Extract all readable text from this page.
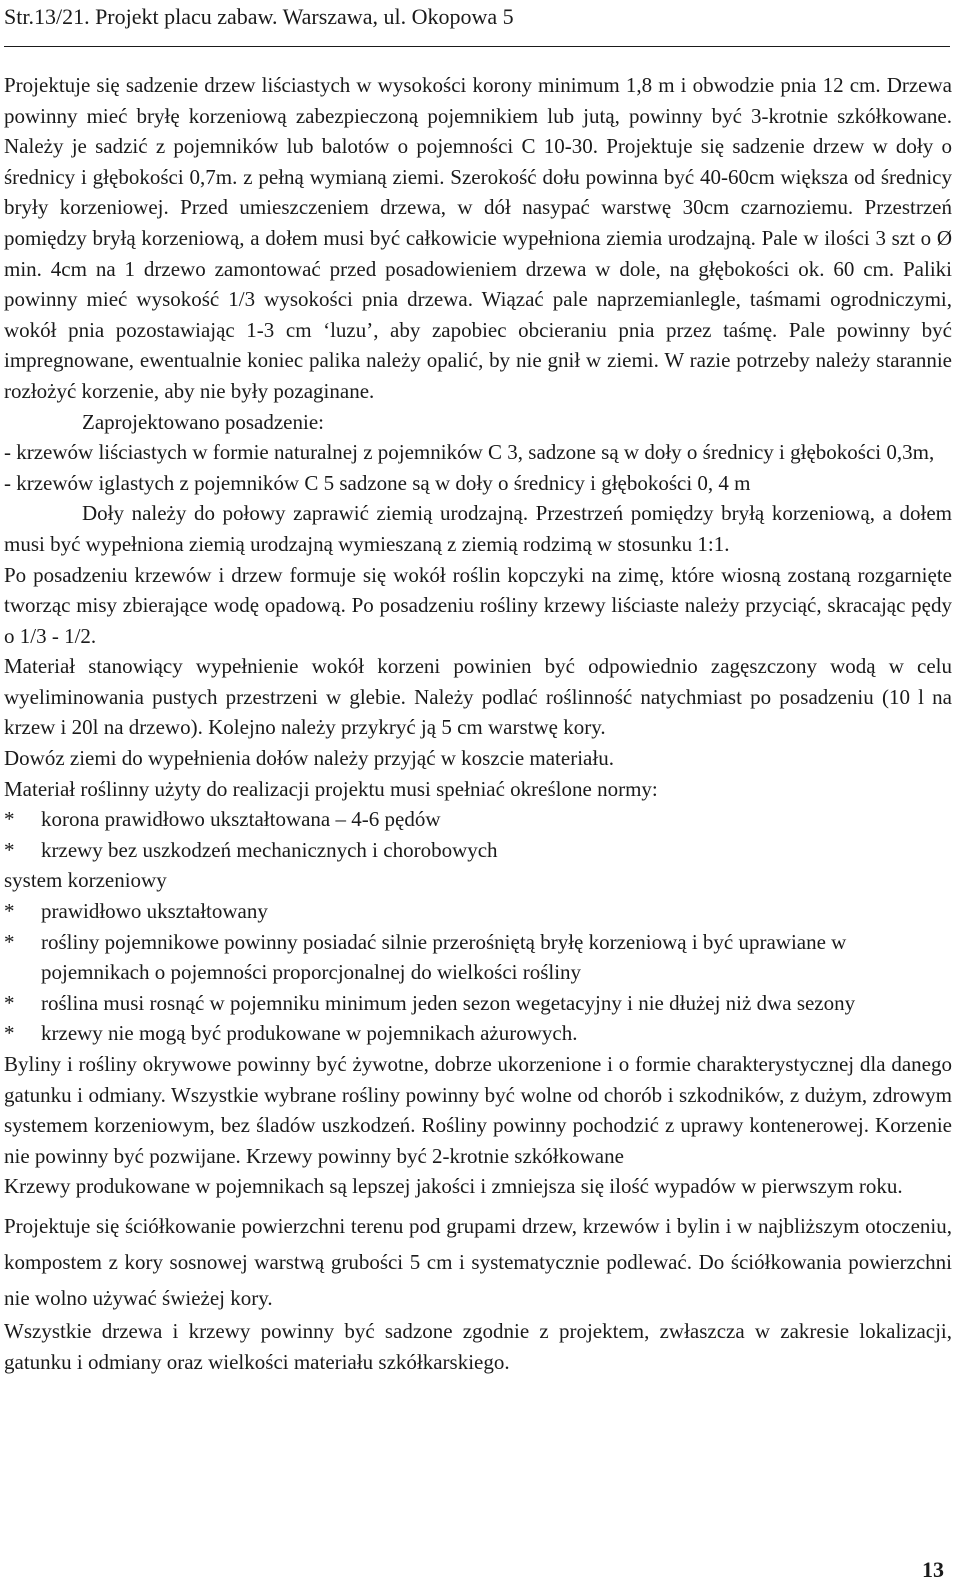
Str.13/21. Projekt placu zabaw. Warszawa, ul. Okopowa 5

Projektuje się sadzenie drzew liściastych w wysokości korony minimum 1,8 m i obwodzie pnia 12 cm. Drzewa powinny mieć bryłę korzeniową zabezpieczoną pojemnikiem lub jutą, powinny być 3-krotnie szkółkowane. Należy je sadzić z pojemników lub balotów o pojemności C 10-30. Projektuje się sadzenie drzew w doły o średnicy i głębokości 0,7m. z pełną wymianą ziemi. Szerokość dołu powinna być 40-60cm większa od średnicy bryły korzeniowej. Przed umieszczeniem drzewa, w dół nasypać warstwę 30cm czarnoziemu. Przestrzeń pomiędzy bryłą korzeniową, a dołem musi być całkowicie wypełniona ziemia urodzajną. Pale w ilości 3 szt o Ø min. 4cm na 1 drzewo zamontować przed posadowieniem drzewa w dole, na głębokości ok. 60 cm. Paliki powinny mieć wysokość 1/3 wysokości pnia drzewa. Wiązać pale naprzemianlegle, taśmami ogrodniczymi, wokół pnia pozostawiając 1-3 cm ‘luzu’, aby zapobiec obcieraniu pnia przez taśmę. Pale powinny być impregnowane, ewentualnie koniec palika należy opalić, by nie gnił w ziemi. W razie potrzeby należy starannie rozłożyć korzenie, aby nie były pozaginane.

Zaprojektowano posadzenie:

- krzewów liściastych w formie naturalnej z pojemników C 3, sadzone są w doły o średnicy i głębokości 0,3m,

- krzewów iglastych z pojemników C 5 sadzone są w doły o średnicy i głębokości 0, 4 m

Doły należy do połowy zaprawić ziemią urodzajną. Przestrzeń pomiędzy bryłą korzeniową, a dołem musi być wypełniona ziemią urodzajną wymieszaną z ziemią rodzimą w stosunku 1:1.

Po posadzeniu krzewów i drzew formuje się wokół roślin kopczyki na zimę, które wiosną zostaną rozgarnięte tworząc misy zbierające wodę opadową. Po posadzeniu rośliny krzewy liściaste należy przyciąć, skracając pędy o 1/3 - 1/2.

Materiał stanowiący wypełnienie wokół korzeni powinien być odpowiednio zagęszczony wodą w celu wyeliminowania pustych przestrzeni w glebie. Należy podlać roślinność natychmiast po posadzeniu (10 l na krzew i 20l na drzewo). Kolejno należy przykryć ją 5 cm warstwę kory.

Dowóz ziemi do wypełnienia dołów należy przyjąć w koszcie materiału.

Materiał roślinny użyty do realizacji projektu musi spełniać określone normy:

* korona prawidłowo ukształtowana – 4-6 pędów
* krzewy bez uszkodzeń mechanicznych i chorobowych

system korzeniowy

* prawidłowo ukształtowany
* rośliny pojemnikowe powinny posiadać silnie przerośniętą bryłę korzeniową i być uprawiane w pojemnikach o pojemności proporcjonalnej do wielkości rośliny
* roślina musi rosnąć w pojemniku minimum jeden sezon wegetacyjny i nie dłużej niż dwa sezony
* krzewy nie mogą być produkowane w pojemnikach ażurowych.

Byliny i rośliny okrywowe powinny być żywotne, dobrze ukorzenione i o formie charakterystycznej dla danego gatunku i odmiany. Wszystkie wybrane rośliny powinny być wolne od chorób i szkodników, z dużym, zdrowym systemem korzeniowym, bez śladów uszkodzeń. Rośliny powinny pochodzić z uprawy kontenerowej. Korzenie nie powinny być pozwijane. Krzewy powinny być 2-krotnie szkółkowane

Krzewy produkowane w pojemnikach są lepszej jakości i zmniejsza się ilość wypadów w pierwszym roku.

Projektuje się ściółkowanie powierzchni terenu pod grupami drzew, krzewów i bylin i w najbliższym otoczeniu, kompostem z kory sosnowej warstwą grubości 5 cm i systematycznie podlewać. Do ściółkowania powierzchni nie wolno używać świeżej kory.

Wszystkie drzewa i krzewy powinny być sadzone zgodnie z projektem, zwłaszcza w zakresie lokalizacji, gatunku i odmiany oraz wielkości materiału szkółkarskiego.

13
